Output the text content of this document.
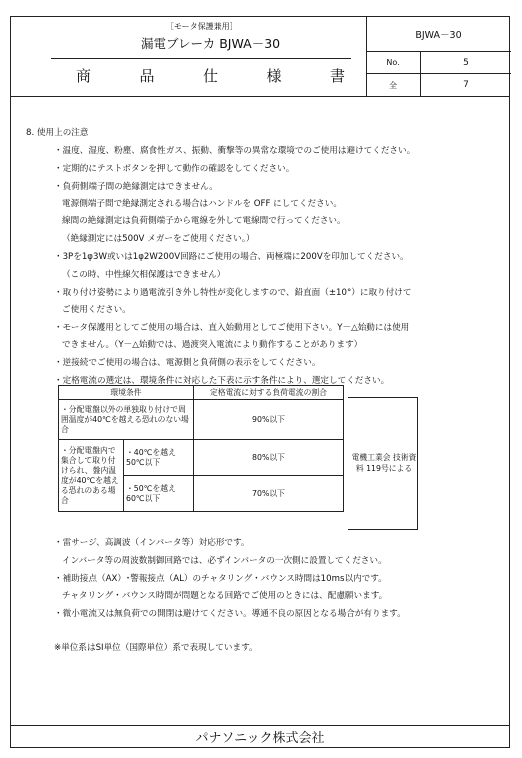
［モータ保護兼用］
漏電ブレーカ BJWA－30
商	品	仕	様	書
BJWA－30
No.	5
全	7
パナソニック株式会社
8. 使用上の注意
・温度、湿度、粉塵、腐食性ガス、振動、衝撃等の異常な環境でのご使用は避けてください。
・定期的にテストボタンを押して動作の確認をしてください。
・負荷側端子間の絶縁測定はできません。
電源側端子間で絶縁測定される場合はハンドルを OFF にしてください。
線間の絶縁測定は負荷側端子から電線を外して電線間で行ってください。
（絶縁測定には500V メガーをご使用ください。）
・3Pを1φ3W或いは1φ2W200V回路にご使用の場合、両極端に200Vを印加してください。
（この時、中性線欠相保護はできません）
・取り付け姿勢により過電流引き外し特性が変化しますので、鉛直面（±10°）に取り付けて
ご使用ください。
・モータ保護用としてご使用の場合は、直入始動用としてご使用下さい。Y－△始動には使用
できません。（Y－△始動では、過渡突入電流により動作することがあります）
・逆接続でご使用の場合は、電源側と負荷側の表示をしてください。
・定格電流の選定は、環境条件に対応した下表に示す条件により、選定してください。
環境条件		定格電流に対する負荷電流の割合	
・分配電盤以外の単独取り付けで周囲温度が40℃を越える恐れのない場合		90%以下	
・分配電盤内で集合して取り付けられ、盤内温度が40℃を越える恐れのある場合	・40℃を越え 50℃以下	80%以下	
	・50℃を越え 60℃以下	70%以下	
電機工業会 技術資料 119号による
・雷サージ、高調波（インバータ等）対応形です。
インバータ等の周波数制御回路では、必ずインバータの一次側に設置してください。
・補助接点（AX）･警報接点（AL）のチャタリング・バウンス時間は10ms以内です。
チャタリング・バウンス時間が問題となる回路でご使用のときには、配慮願います。
・微小電流又は無負荷での開閉は避けてください。導通不良の原因となる場合が有ります。
※単位系はSI単位（国際単位）系で表現しています。
